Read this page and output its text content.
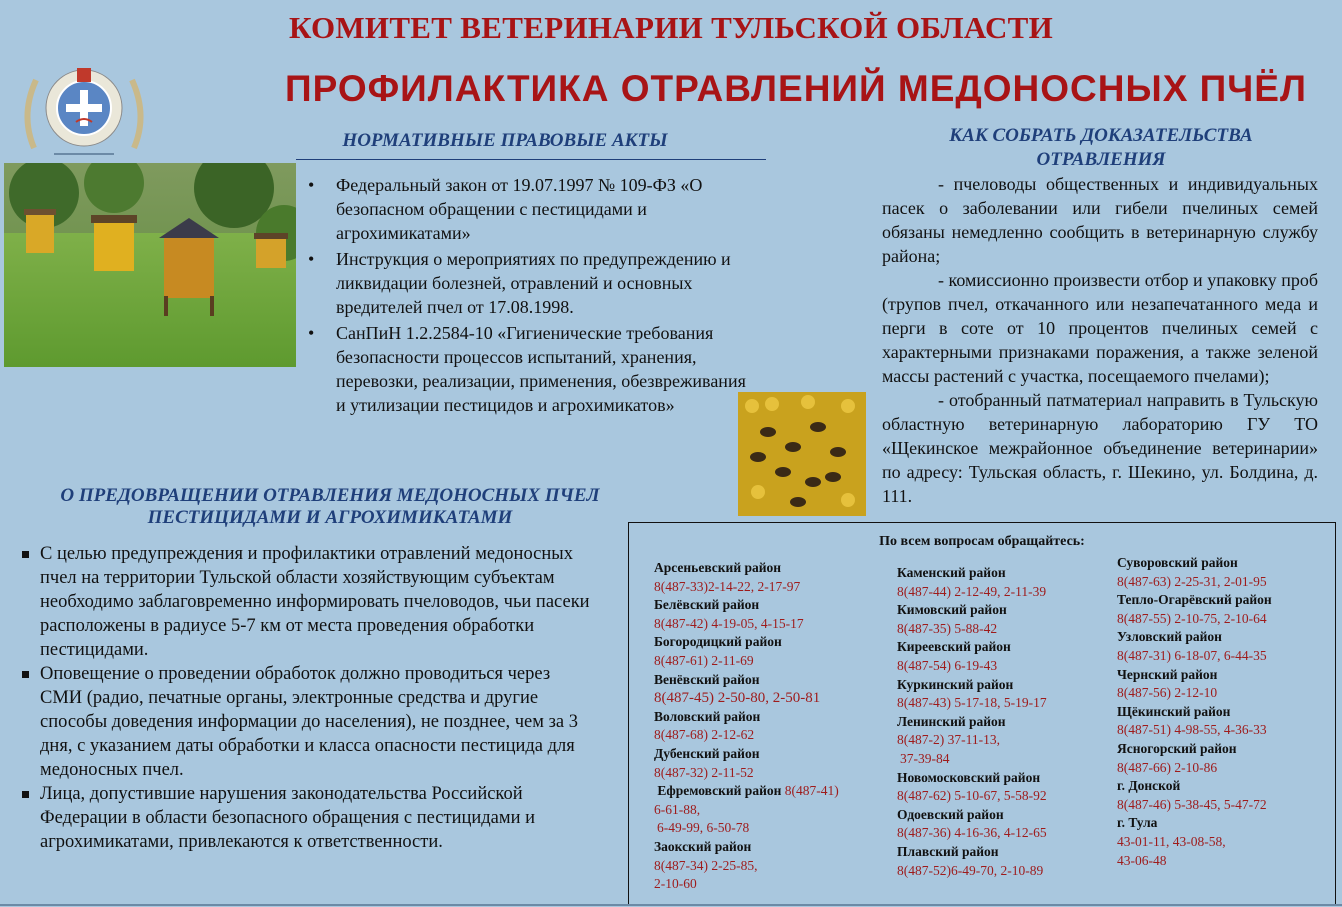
КОМИТЕТ ВЕТЕРИНАРИИ ТУЛЬСКОЙ ОБЛАСТИ
ПРОФИЛАКТИКА ОТРАВЛЕНИЙ МЕДОНОСНЫХ ПЧЁЛ
НОРМАТИВНЫЕ ПРАВОВЫЕ АКТЫ
• Федеральный закон от 19.07.1997 № 109-ФЗ «О безопасном обращении с пестицидами и агрохимикатами»
• Инструкция о мероприятиях по предупреждению и ликвидации болезней, отравлений и основных вредителей пчел от 17.08.1998.
• СанПиН 1.2.2584-10 «Гигиенические требования безопасности процессов испытаний, хранения, перевозки, реализации, применения, обезвреживания и утилизации пестицидов и агрохимикатов»
КАК СОБРАТЬ ДОКАЗАТЕЛЬСТВА
ОТРАВЛЕНИЯ

- пчеловоды общественных и индивидуальных пасек о заболевании или гибели пчелиных семей обязаны немедленно сообщить в ветеринарную службу района;

- комиссионно произвести отбор и упаковку проб (трупов пчел, откачанного или незапечатанного меда и перги в соте от 10 процентов пчелиных семей с характерными признаками поражения, а также зеленой массы растений с участка, посещаемого пчелами);

- отобранный патматериал направить в Тульскую областную ветеринарную лабораторию ГУ ТО «Щекинское межрайонное объединение ветеринарии» по адресу: Тульская область, г. Шекино, ул. Болдина, д. 111.

О ПРЕДОВРАЩЕНИИ ОТРАВЛЕНИЯ МЕДОНОСНЫХ ПЧЕЛ
ПЕСТИЦИДАМИ И АГРОХИМИКАТАМИ
С целью предупреждения и профилактики отравлений медоносных пчел на территории Тульской области хозяйствующим субъектам необходимо заблаговременно информировать пчеловодов, чьи пасеки расположены в радиусе 5-7 км от места проведения обработки пестицидами.
Оповещение о проведении обработок должно проводиться через СМИ (радио, печатные органы, электронные средства и другие способы доведения информации до населения), не позднее, чем за 3 дня, с указанием даты обработки и класса опасности пестицида для медоносных пчел.
Лица, допустившие нарушения законодательства Российской Федерации в области безопасного обращения с пестицидами и агрохимикатами, привлекаются к ответственности.
По всем вопросам обращайтесь:
Арсеньевский район
8(487-33)2-14-22, 2-17-97
Белёвский район
8(487-42) 4-19-05, 4-15-17
Богородицкий район
8(487-61) 2-11-69
Венёвский район
8(487-45) 2-50-80, 2-50-81
Воловский район
8(487-68) 2-12-62
Дубенский район
8(487-32) 2-11-52
Ефремовский район 8(487-41)
6-61-88,
6-49-99, 6-50-78
Заокский район
8(487-34) 2-25-85,
2-10-60
Каменский район
8(487-44) 2-12-49, 2-11-39
Кимовский район
8(487-35) 5-88-42
Киреевский район
8(487-54) 6-19-43
Куркинский район
8(487-43) 5-17-18, 5-19-17
Ленинский район
8(487-2) 37-11-13,
37-39-84
Новомосковский район
8(487-62) 5-10-67, 5-58-92
Одоевский район
8(487-36) 4-16-36, 4-12-65
Плавский район
8(487-52)6-49-70, 2-10-89
Суворовский район
8(487-63) 2-25-31, 2-01-95
Тепло-Огарёвский район
8(487-55) 2-10-75, 2-10-64
Узловский район
8(487-31) 6-18-07, 6-44-35
Чернский район
8(487-56) 2-12-10
Щёкинский район
8(487-51) 4-98-55, 4-36-33
Ясногорский район
8(487-66) 2-10-86
г. Донской
8(487-46) 5-38-45, 5-47-72
г. Тула
43-01-11, 43-08-58,
43-06-48
